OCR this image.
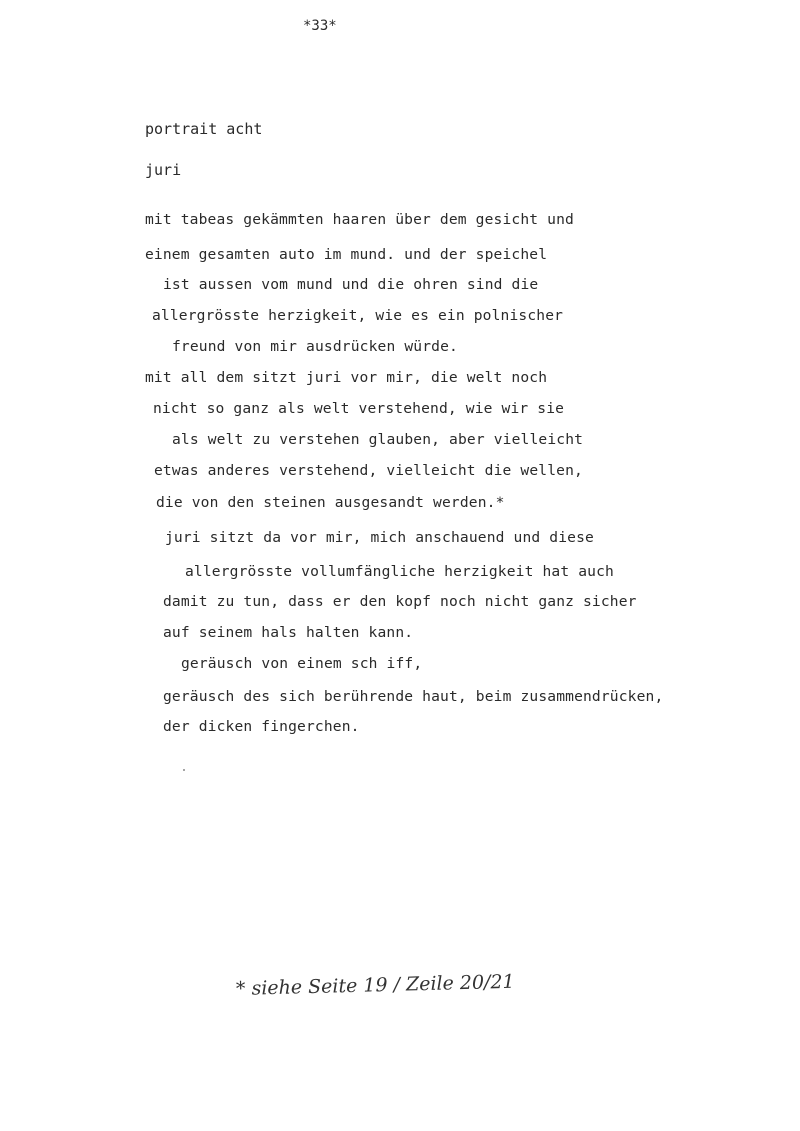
*33*
portrait acht
juri
mit tabeas gekämmten haaren über dem gesicht und
einem gesamten auto im mund. und der speichel
ist aussen vom mund und die ohren sind die
allergrösste herzigkeit, wie es ein polnischer
freund von mir ausdrücken würde.
mit all dem sitzt juri vor mir, die welt noch
nicht so ganz als welt verstehend, wie wir sie
als welt zu verstehen glauben, aber vielleicht
etwas anderes verstehend, vielleicht die wellen,
die von den steinen ausgesandt werden.*
juri sitzt da vor mir, mich anschauend und diese
allergrösste vollumfängliche herzigkeit hat auch
damit zu tun, dass er den kopf noch nicht ganz sicher
auf seinem hals halten kann.
geräusch von einem sch iff,
geräusch des sich berührende haut, beim zusammendrücken,
der dicken fingerchen.
* siehe Seite 19 / Zeile 20/21
